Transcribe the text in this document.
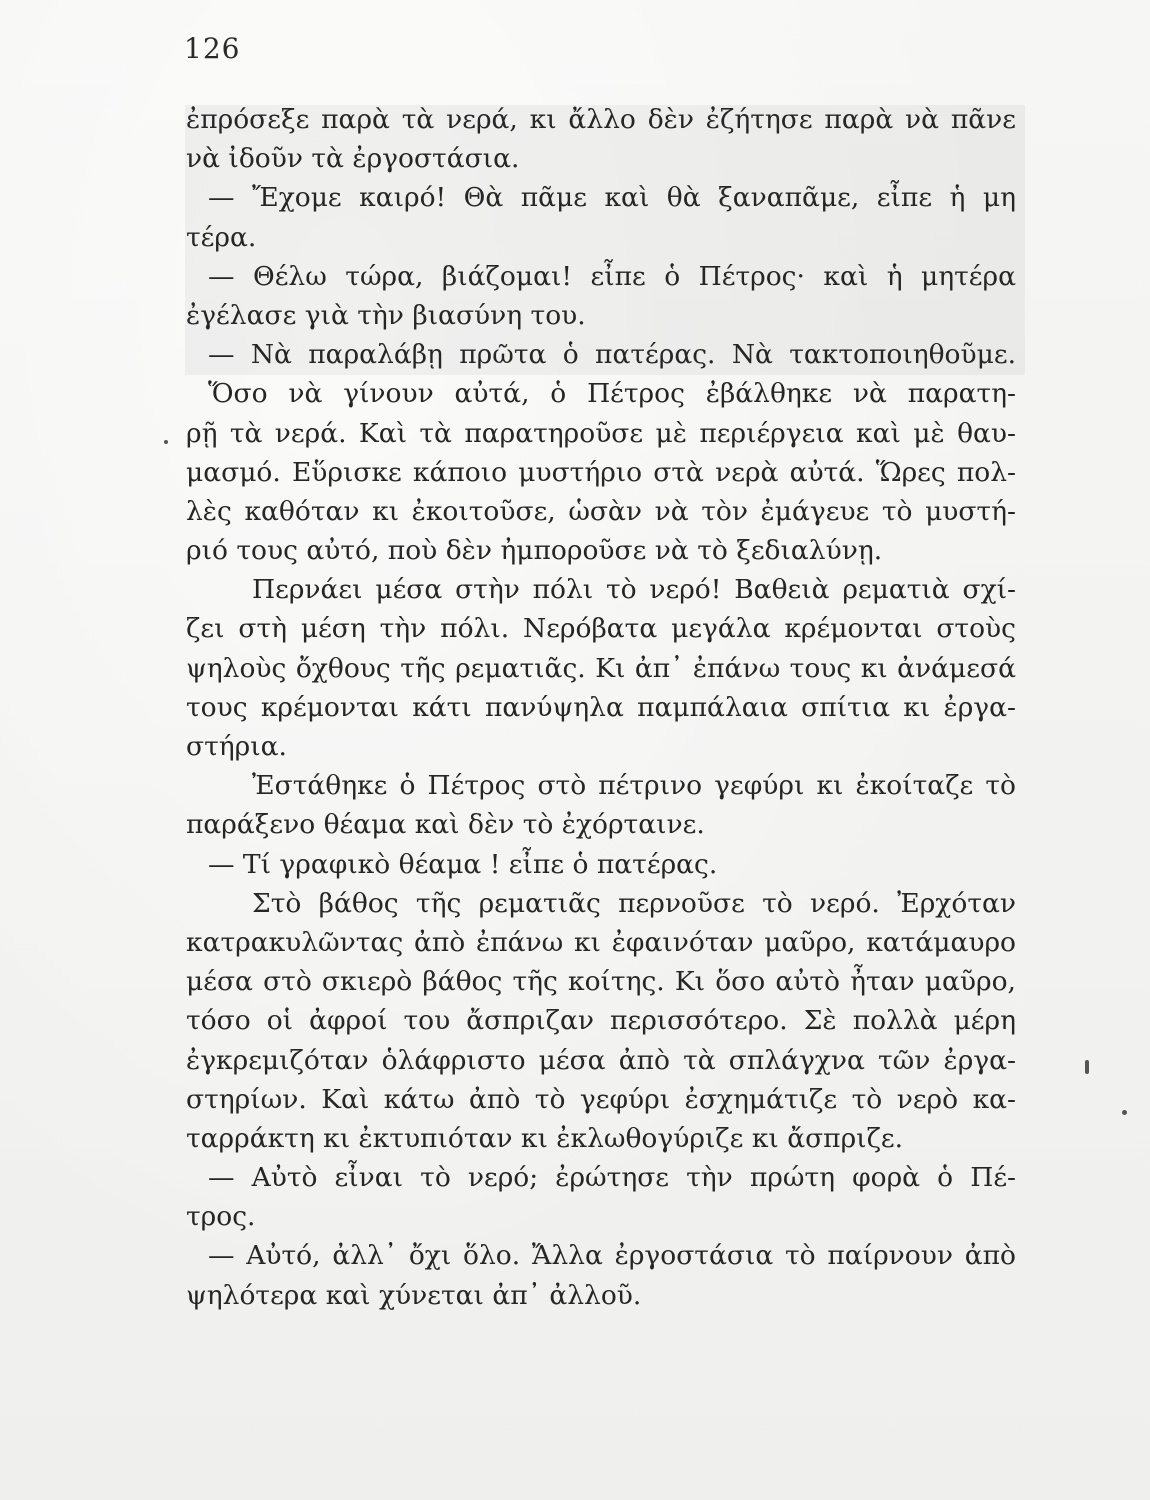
126
ἐπρόσεξε παρὰ τὰ νερά, κι ἄλλο δὲν ἐζήτησε παρὰ νὰ πᾶνε
νὰ ἰδοῦν τὰ ἐργοστάσια.
— Ἔχομε καιρό! Θὰ πᾶμε καὶ θὰ ξαναπᾶμε, εἶπε ἡ μη
τέρα.
— Θέλω τώρα, βιάζομαι! εἶπε ὁ Πέτρος· καὶ ἡ μητέρα
ἐγέλασε γιὰ τὴν βιασύνη του.
— Νὰ παραλάβῃ πρῶτα ὁ πατέρας. Νὰ τακτοποιηθοῦμε.
Ὅσο νὰ γίνουν αὐτά, ὁ Πέτρος ἐβάλθηκε νὰ παρατη-
ρῇ τὰ νερά. Καὶ τὰ παρατηροῦσε μὲ περιέργεια καὶ μὲ θαυ-
μασμό. Εὕρισκε κάποιο μυστήριο στὰ νερὰ αὐτά. Ὥρες πολ-
λὲς καθόταν κι ἐκοιτοῦσε, ὡσὰν νὰ τὸν ἐμάγευε τὸ μυστή-
ριό τους αὐτό, ποὺ δὲν ἠμποροῦσε νὰ τὸ ξεδιαλύνῃ.
Περνάει μέσα στὴν πόλι τὸ νερό! Βαθειὰ ρεματιὰ σχί-
ζει στὴ μέση τὴν πόλι. Νερόβατα μεγάλα κρέμονται στοὺς
ψηλοὺς ὄχθους τῆς ρεματιᾶς. Κι ἀπ᾽ ἐπάνω τους κι ἀνάμεσά
τους κρέμονται κάτι πανύψηλα παμπάλαια σπίτια κι ἐργα-
στήρια.
Ἐστάθηκε ὁ Πέτρος στὸ πέτρινο γεφύρι κι ἐκοίταζε τὸ
παράξενο θέαμα καὶ δὲν τὸ ἐχόρταινε.
— Τί γραφικὸ θέαμα ! εἶπε ὁ πατέρας.
Στὸ βάθος τῆς ρεματιᾶς περνοῦσε τὸ νερό. Ἐρχόταν
κατρακυλῶντας ἀπὸ ἐπάνω κι ἐφαινόταν μαῦρο, κατάμαυρο
μέσα στὸ σκιερὸ βάθος τῆς κοίτης. Κι ὅσο αὐτὸ ἦταν μαῦρο,
τόσο οἱ ἀφροί του ἄσπριζαν περισσότερο. Σὲ πολλὰ μέρη
ἐγκρεμιζόταν ὁλάφριστο μέσα ἀπὸ τὰ σπλάγχνα τῶν ἐργα-
στηρίων. Καὶ κάτω ἀπὸ τὸ γεφύρι ἐσχημάτιζε τὸ νερὸ κα-
ταρράκτη κι ἐκτυπιόταν κι ἐκλωθογύριζε κι ἄσπριζε.
— Αὐτὸ εἶναι τὸ νερό; ἐρώτησε τὴν πρώτη φορὰ ὁ Πέ-
τρος.
— Αὐτό, ἀλλ᾽ ὄχι ὅλο. Ἄλλα ἐργοστάσια τὸ παίρνουν ἀπὸ
ψηλότερα καὶ χύνεται ἀπ᾽ ἀλλοῦ.
